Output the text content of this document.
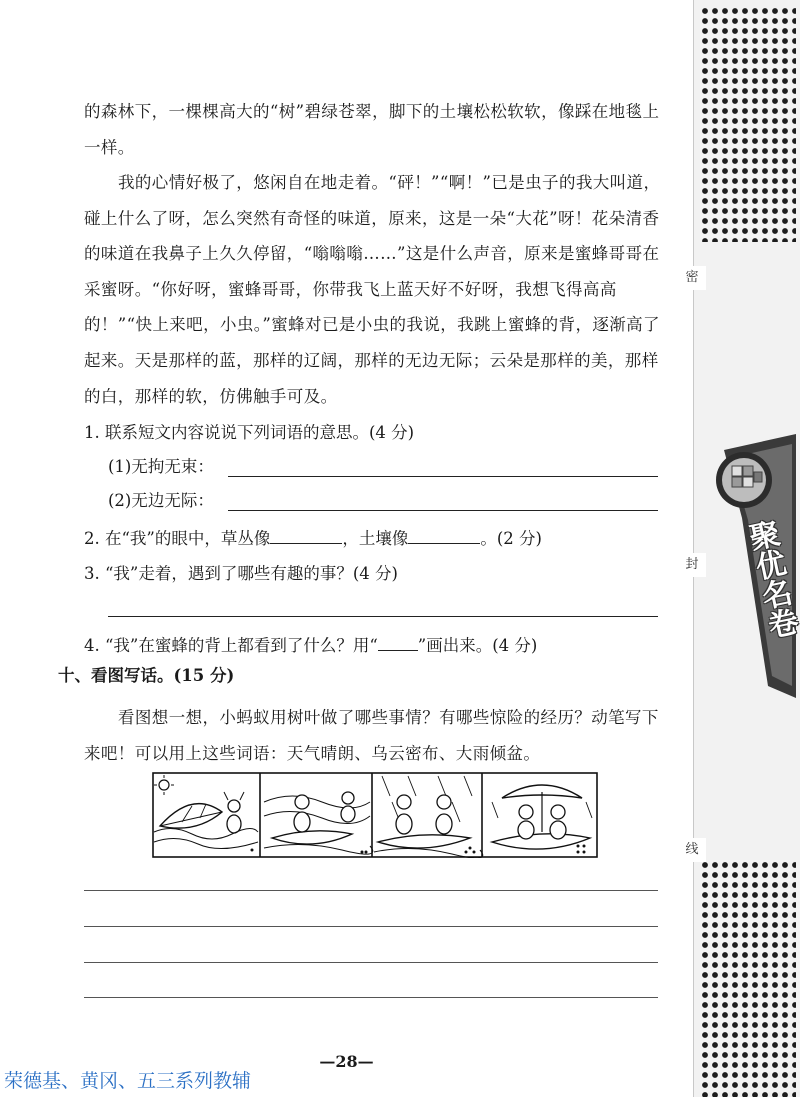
密
封
线
聚优名卷

的森林下，一棵棵高大的“树”碧绿苍翠，脚下的土壤松松软软，像踩在地毯上一样。

我的心情好极了，悠闲自在地走着。“砰！”“啊！”已是虫子的我大叫道，碰上什么了呀，怎么突然有奇怪的味道，原来，这是一朵“大花”呀！花朵清香的味道在我鼻子上久久停留，“嗡嗡嗡……”这是什么声音，原来是蜜蜂哥哥在采蜜呀。“你好呀，蜜蜂哥哥，你带我飞上蓝天好不好呀，我想飞得高高的！”“快上来吧，小虫。”蜜蜂对已是小虫的我说，我跳上蜜蜂的背，逐渐高了起来。天是那样的蓝，那样的辽阔，那样的无边无际；云朵是那样的美，那样的白，那样的软，仿佛触手可及。

1. 联系短文内容说说下列词语的意思。(4 分)
(1)无拘无束：
(2)无边无际：
2. 在“我”的眼中，草丛像	，土壤像	。(2 分)
3. “我”走着，遇到了哪些有趣的事？(4 分)
4. “我”在蜜蜂的背上都看到了什么？用“ ”画出来。(4 分)
十、看图写话。(15 分)

看图想一想，小蚂蚁用树叶做了哪些事情？有哪些惊险的经历？动笔写下来吧！可以用上这些词语：天气晴朗、乌云密布、大雨倾盆。

—28—
荣德基、黄冈、五三系列教辅
